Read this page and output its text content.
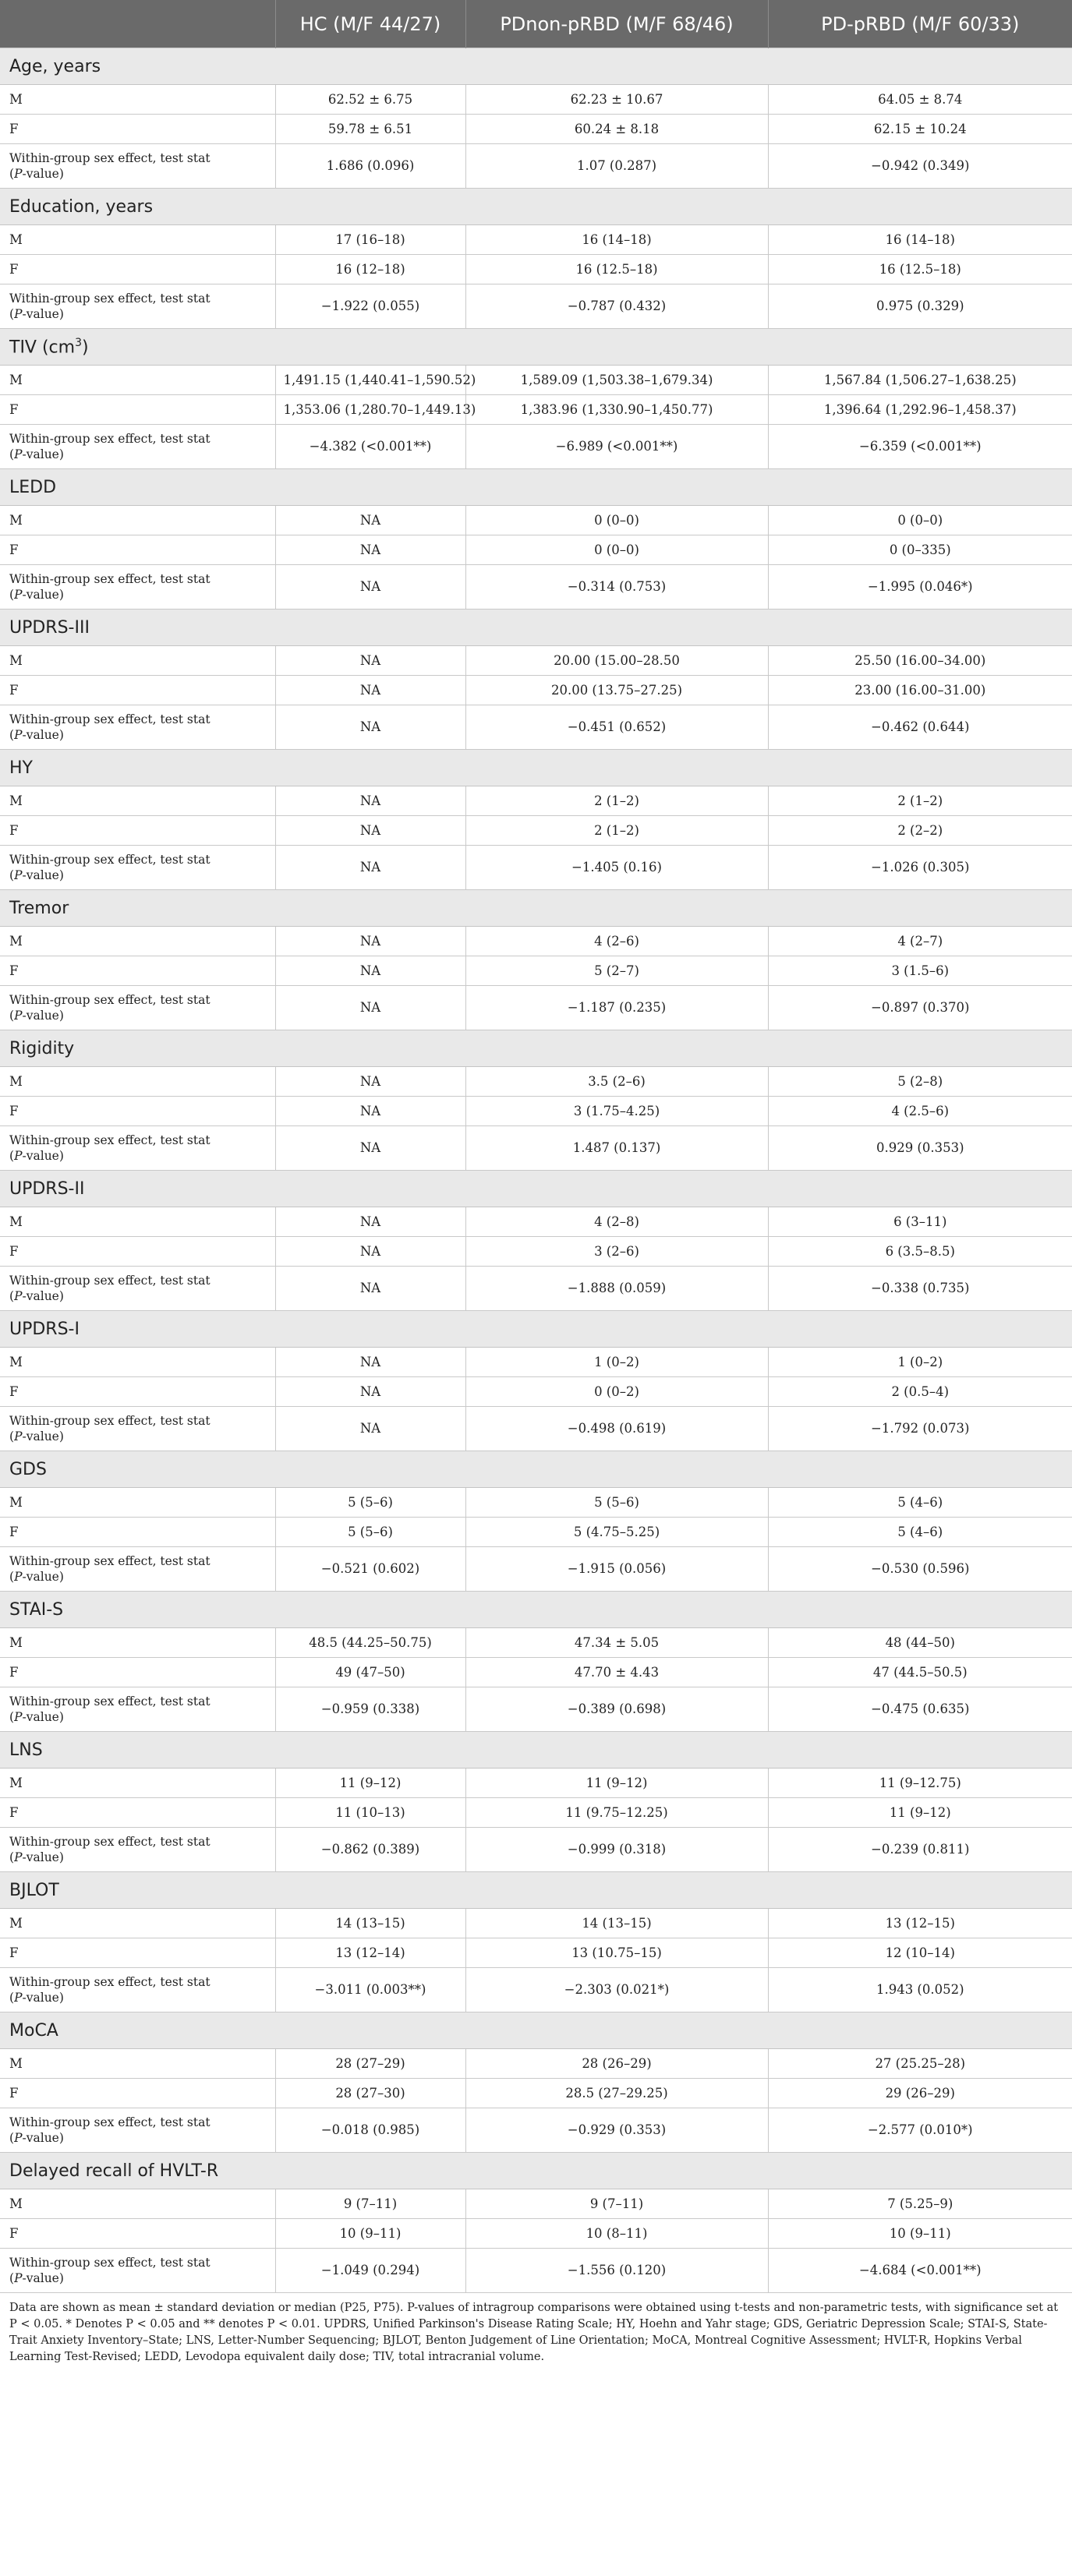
	HC (M/F 44/27)	PDnon-pRBD (M/F 68/46)	PD-pRBD (M/F 60/33)
Age, years			
M	62.52 ± 6.75	62.23 ± 10.67	64.05 ± 8.74
F	59.78 ± 6.51	60.24 ± 8.18	62.15 ± 10.24
Within-group sex effect, test stat
(P-value)	1.686 (0.096)	1.07 (0.287)	−0.942 (0.349)
Education, years			
M	17 (16–18)	16 (14–18)	16 (14–18)
F	16 (12–18)	16 (12.5–18)	16 (12.5–18)
Within-group sex effect, test stat
(P-value)	−1.922 (0.055)	−0.787 (0.432)	0.975 (0.329)
TIV $(cm^3)$			
M	1,491.15 (1,440.41–1,590.52)	1,589.09 (1,503.38–1,679.34)	1,567.84 (1,506.27–1,638.25)
F	1,353.06 (1,280.70–1,449.13)	1,383.96 (1,330.90–1,450.77)	1,396.64 (1,292.96–1,458.37)
Within-group sex effect, test stat
(P-value)	−4.382 (<0.001**)	−6.989 (<0.001**)	−6.359 (<0.001**)
LEDD			
M	NA	0 (0–0)	0 (0–0)
F	NA	0 (0–0)	0 (0–335)
Within-group sex effect, test stat
(P-value)	NA	−0.314 (0.753)	−1.995 (0.046*)
UPDRS-III			
M	NA	20.00 (15.00–28.50	25.50 (16.00–34.00)
F	NA	20.00 (13.75–27.25)	23.00 (16.00–31.00)
Within-group sex effect, test stat
(P-value)	NA	−0.451 (0.652)	−0.462 (0.644)
HY			
M	NA	2 (1–2)	2 (1–2)
F	NA	2 (1–2)	2 (2–2)
Within-group sex effect, test stat
(P-value)	NA	−1.405 (0.16)	−1.026 (0.305)
Tremor			
M	NA	4 (2–6)	4 (2–7)
F	NA	5 (2–7)	3 (1.5–6)
Within-group sex effect, test stat
(P-value)	NA	−1.187 (0.235)	−0.897 (0.370)
Rigidity			
M	NA	3.5 (2–6)	5 (2–8)
F	NA	3 (1.75–4.25)	4 (2.5–6)
Within-group sex effect, test stat
(P-value)	NA	1.487 (0.137)	0.929 (0.353)
UPDRS-II			
M	NA	4 (2–8)	6 (3–11)
F	NA	3 (2–6)	6 (3.5–8.5)
Within-group sex effect, test stat
(P-value)	NA	−1.888 (0.059)	−0.338 (0.735)
UPDRS-I			
M	NA	1 (0–2)	1 (0–2)
F	NA	0 (0–2)	2 (0.5–4)
Within-group sex effect, test stat
(P-value)	NA	−0.498 (0.619)	−1.792 (0.073)
GDS			
M	5 (5–6)	5 (5–6)	5 (4–6)
F	5 (5–6)	5 (4.75–5.25)	5 (4–6)
Within-group sex effect, test stat
(P-value)	−0.521 (0.602)	−1.915 (0.056)	−0.530 (0.596)
STAI-S			
M	48.5 (44.25–50.75)	47.34 ± 5.05	48 (44–50)
F	49 (47–50)	47.70 ± 4.43	47 (44.5–50.5)
Within-group sex effect, test stat
(P-value)	−0.959 (0.338)	−0.389 (0.698)	−0.475 (0.635)
LNS			
M	11 (9–12)	11 (9–12)	11 (9–12.75)
F	11 (10–13)	11 (9.75–12.25)	11 (9–12)
Within-group sex effect, test stat
(P-value)	−0.862 (0.389)	−0.999 (0.318)	−0.239 (0.811)
BJLOT			
M	14 (13–15)	14 (13–15)	13 (12–15)
F	13 (12–14)	13 (10.75–15)	12 (10–14)
Within-group sex effect, test stat
(P-value)	−3.011 (0.003**)	−2.303 (0.021*)	1.943 (0.052)
MoCA			
M	28 (27–29)	28 (26–29)	27 (25.25–28)
F	28 (27–30)	28.5 (27–29.25)	29 (26–29)
Within-group sex effect, test stat
(P-value)	−0.018 (0.985)	−0.929 (0.353)	−2.577 (0.010*)
Delayed recall of HVLT-R			
M	9 (7–11)	9 (7–11)	7 (5.25–9)
F	10 (9–11)	10 (8–11)	10 (9–11)
Within-group sex effect, test stat
(P-value)	−1.049 (0.294)	−1.556 (0.120)	−4.684 (<0.001**)
Data are shown as mean ± standard deviation or median (P25, P75). P-values of intragroup comparisons were obtained using t-tests and non-parametric tests, with significance set at P < 0.05. * Denotes P < 0.05 and ** denotes P < 0.01. UPDRS, Unified Parkinson's Disease Rating Scale; HY, Hoehn and Yahr stage; GDS, Geriatric Depression Scale; STAI-S, State-Trait Anxiety Inventory–State; LNS, Letter-Number Sequencing; BJLOT, Benton Judgement of Line Orientation; MoCA, Montreal Cognitive Assessment; HVLT-R, Hopkins Verbal Learning Test-Revised; LEDD, Levodopa equivalent daily dose; TIV, total intracranial volume.
